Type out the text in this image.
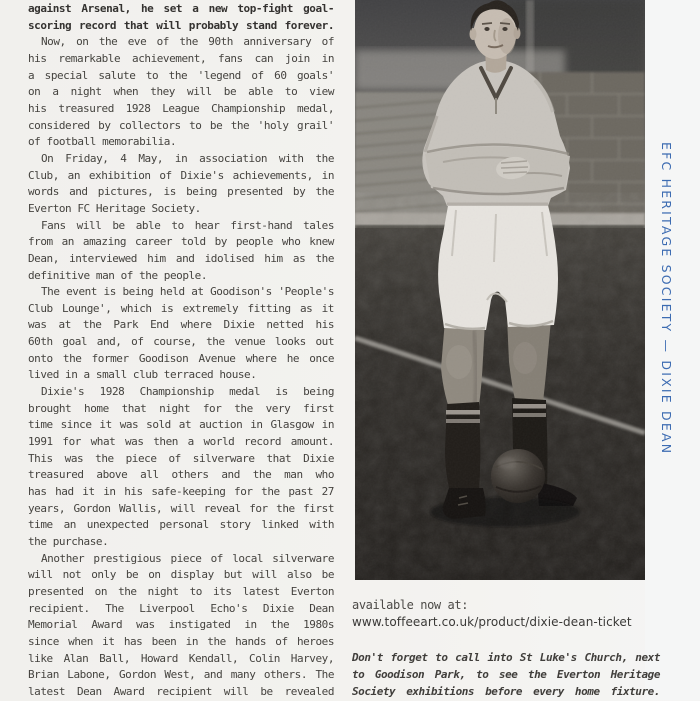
against Arsenal, he set a new top-fight goal-
scoring record that will probably stand forever.
Now, on the eve of the 90th anniversary of
his remarkable achievement, fans can join in
a special salute to the 'legend of 60 goals'
on a night when they will be able to view
his treasured 1928 League Championship medal,
considered by collectors to be the 'holy grail'
of football memorabilia.
On Friday, 4 May, in association with the
Club, an exhibition of Dixie's achievements, in
words and pictures, is being presented by the
Everton FC Heritage Society.
Fans will be able to hear first-hand tales
from an amazing career told by people who knew
Dean, interviewed him and idolised him as the
definitive man of the people.
The event is being held at Goodison's 'People's
Club Lounge', which is extremely fitting as it
was at the Park End where Dixie netted his
60th goal and, of course, the venue looks out
onto the former Goodison Avenue where he once
lived in a small club terraced house.
Dixie's 1928 Championship medal is being
brought home that night for the very first
time since it was sold at auction in Glasgow in
1991 for what was then a world record amount.
This was the piece of silverware that Dixie
treasured above all others and the man who
has had it in his safe-keeping for the past 27
years, Gordon Wallis, will reveal for the first
time an unexpected personal story linked with
the purchase.
Another prestigious piece of local silverware
will not only be on display but will also be
presented on the night to its latest Everton
recipient. The Liverpool Echo's Dixie Dean
Memorial Award was instigated in the 1980s
since when it has been in the hands of heroes
like Alan Ball, Howard Kendall, Colin Harvey,
Brian Labone, Gordon West, and many others. The
latest Dean Award recipient will be revealed
EFC HERITAGE SOCIETY — DIXIE DEAN
available now at:
www.toffeeart.co.uk/product/dixie-dean-ticket
Don't forget to call into St Luke's Church, next
to Goodison Park, to see the Everton Heritage
Society exhibitions before every home fixture.
